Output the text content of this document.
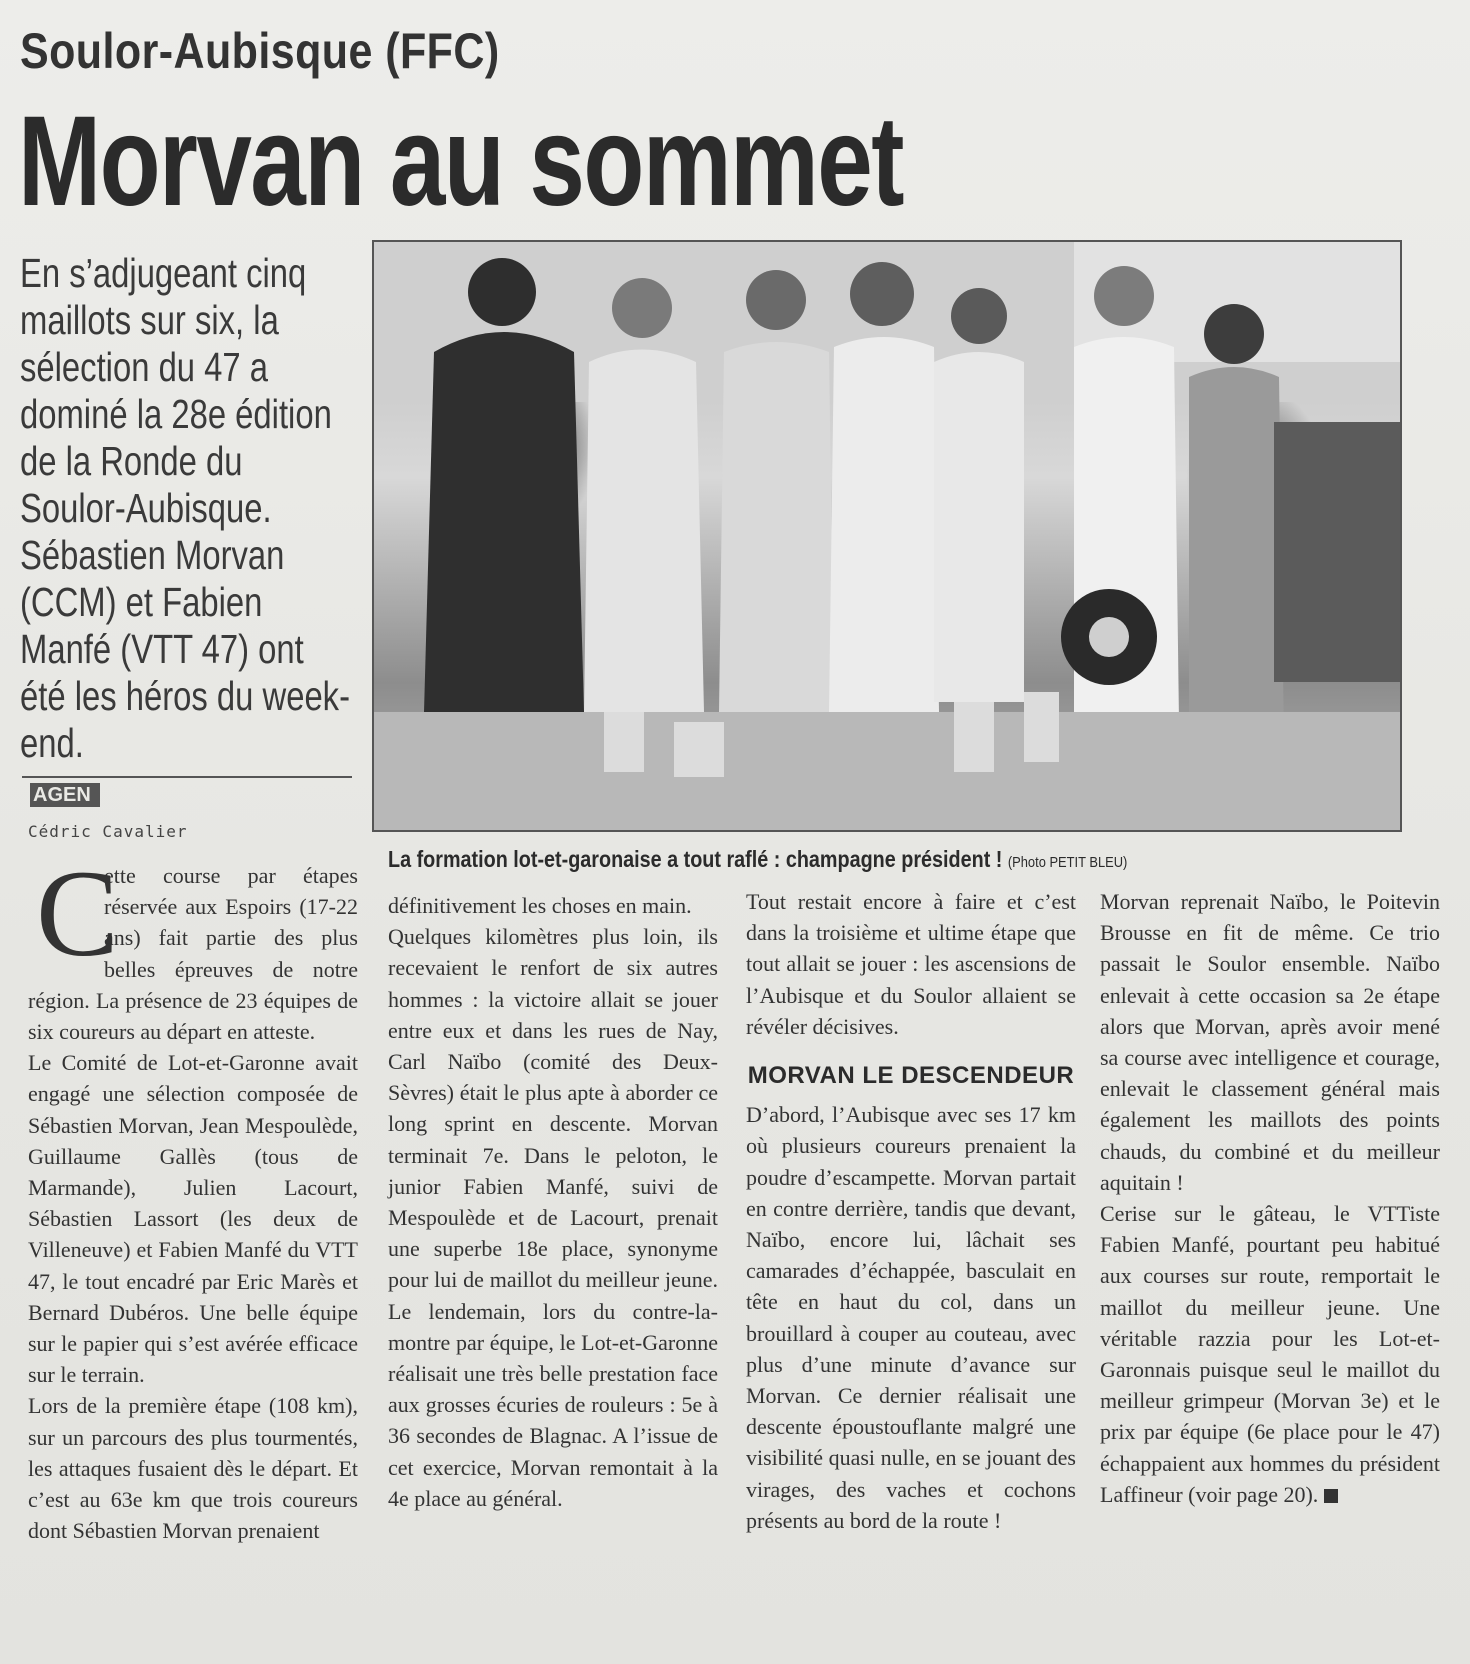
Soulor-Aubisque (FFC)
Morvan au sommet

En s’adjugeant cinq maillots sur six, la sélection du 47 a dominé la 28e édition de la Ronde du Soulor-Aubisque. Sébastien Morvan (CCM) et Fabien Manfé (VTT 47) ont été les héros du week-end.

AGEN
Cédric Cavalier
La formation lot-et-garonaise a tout raflé : champagne président ! (Photo PETIT BLEU)
C

ette course par étapes réservée aux Espoirs (17-22 ans) fait partie des plus belles épreuves de notre région. La présence de 23 équipes de six coureurs au départ en atteste.

Le Comité de Lot-et-Garonne avait engagé une sélection composée de Sébastien Morvan, Jean Mespoulède, Guillaume Gallès (tous de Marmande), Julien Lacourt, Sébastien Lassort (les deux de Villeneuve) et Fabien Manfé du VTT 47, le tout encadré par Eric Marès et Bernard Dubéros. Une belle équipe sur le papier qui s’est avérée efficace sur le terrain.

Lors de la première étape (108 km), sur un parcours des plus tourmentés, les attaques fusaient dès le départ. Et c’est au 63e km que trois coureurs dont Sébastien Morvan prenaient

définitivement les choses en main.

Quelques kilomètres plus loin, ils recevaient le renfort de six autres hommes : la victoire allait se jouer entre eux et dans les rues de Nay, Carl Naïbo (comité des Deux-Sèvres) était le plus apte à aborder ce long sprint en descente. Morvan terminait 7e. Dans le peloton, le junior Fabien Manfé, suivi de Mespoulède et de Lacourt, prenait une superbe 18e place, synonyme pour lui de maillot du meilleur jeune. Le lendemain, lors du contre-la-montre par équipe, le Lot-et-Garonne réalisait une très belle prestation face aux grosses écuries de rouleurs : 5e à 36 secondes de Blagnac. A l’issue de cet exercice, Morvan remontait à la 4e place au général.

Tout restait encore à faire et c’est dans la troisième et ultime étape que tout allait se jouer : les ascensions de l’Aubisque et du Soulor allaient se révéler décisives.

MORVAN LE DESCENDEUR

D’abord, l’Aubisque avec ses 17 km où plusieurs coureurs prenaient la poudre d’escampette. Morvan partait en contre derrière, tandis que devant, Naïbo, encore lui, lâchait ses camarades d’échappée, basculait en tête en haut du col, dans un brouillard à couper au couteau, avec plus d’une minute d’avance sur Morvan. Ce dernier réalisait une descente époustouflante malgré une visibilité quasi nulle, en se jouant des virages, des vaches et cochons présents au bord de la route !

Morvan reprenait Naïbo, le Poitevin Brousse en fit de même. Ce trio passait le Soulor ensemble. Naïbo enlevait à cette occasion sa 2e étape alors que Morvan, après avoir mené sa course avec intelligence et courage, enlevait le classement général mais également les maillots des points chauds, du combiné et du meilleur aquitain !

Cerise sur le gâteau, le VTTiste Fabien Manfé, pourtant peu habitué aux courses sur route, remportait le maillot du meilleur jeune. Une véritable razzia pour les Lot-et-Garonnais puisque seul le maillot du meilleur grimpeur (Morvan 3e) et le prix par équipe (6e place pour le 47) échappaient aux hommes du président Laffineur (voir page 20).
